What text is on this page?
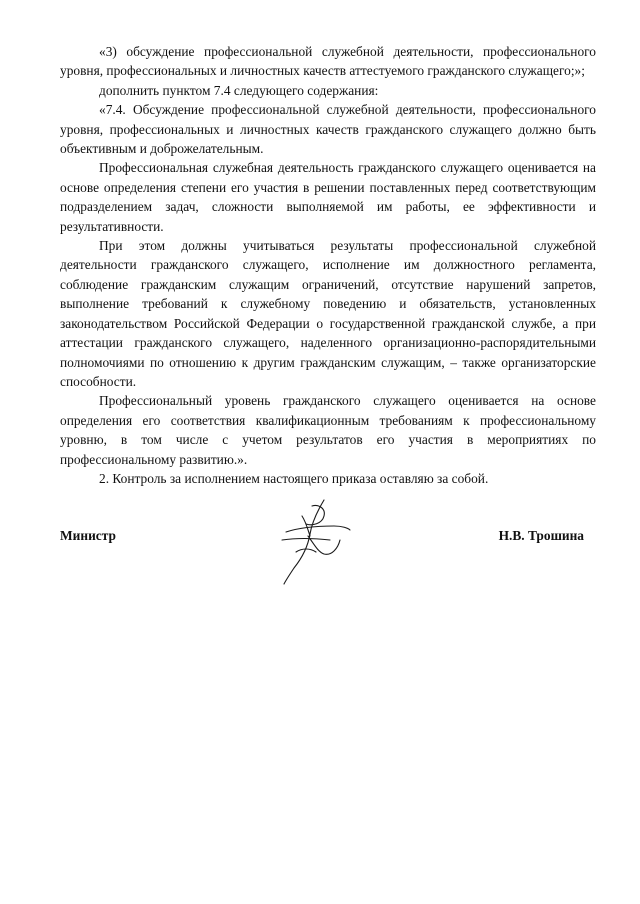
«3) обсуждение профессиональной служебной деятельности, профессионального уровня, профессиональных и личностных качеств аттестуемого гражданского служащего;»;

дополнить пунктом 7.4 следующего содержания:

«7.4. Обсуждение профессиональной служебной деятельности, профессионального уровня, профессиональных и личностных качеств гражданского служащего должно быть объективным и доброжелательным.

Профессиональная служебная деятельность гражданского служащего оценивается на основе определения степени его участия в решении поставленных перед соответствующим подразделением задач, сложности выполняемой им работы, ее эффективности и результативности.

При этом должны учитываться результаты профессиональной служебной деятельности гражданского служащего, исполнение им должностного регламента, соблюдение гражданским служащим ограничений, отсутствие нарушений запретов, выполнение требований к служебному поведению и обязательств, установленных законодательством Российской Федерации о государственной гражданской службе, а при аттестации гражданского служащего, наделенного организационно-распорядительными полномочиями по отношению к другим гражданским служащим, – также организаторские способности.

Профессиональный уровень гражданского служащего оценивается на основе определения его соответствия квалификационным требованиям к профессиональному уровню, в том числе с учетом результатов его участия в мероприятиях по профессиональному развитию.».

2. Контроль за исполнением настоящего приказа оставляю за собой.

Министр	Н.В. Трошина
